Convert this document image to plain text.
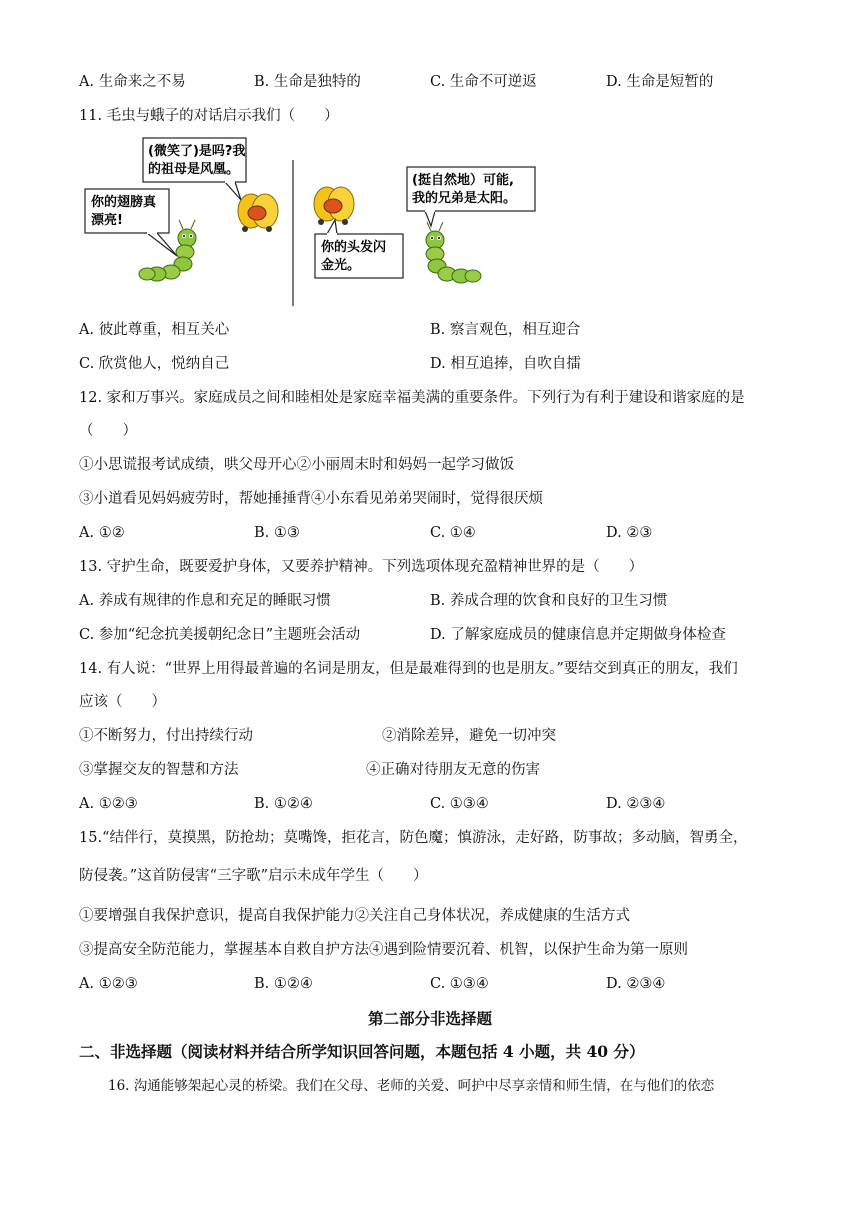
A. 生命来之不易	B. 生命是独特的	C. 生命不可逆返	D. 生命是短暂的
11. 毛虫与蛾子的对话启示我们（　　）
你的翅膀真
漂亮!
(微笑了)是吗?我
的祖母是风凰。
你的头发闪
金光。
(挺自然地）可能,
我的兄弟是太阳。
A. 彼此尊重，相互关心	B. 察言观色，相互迎合
C. 欣赏他人，悦纳自己	D. 相互追捧，自吹自擂
12. 家和万事兴。家庭成员之间和睦相处是家庭幸福美满的重要条件。下列行为有利于建设和谐家庭的是
（　　）
①小思谎报考试成绩，哄父母开心②小丽周末时和妈妈一起学习做饭
③小道看见妈妈疲劳时，帮她捶捶背④小东看见弟弟哭闹时，觉得很厌烦
A. ①②	B. ①③	C. ①④	D. ②③
13. 守护生命，既要爱护身体，又要养护精神。下列选项体现充盈精神世界的是（　　）
A. 养成有规律的作息和充足的睡眠习惯	B. 养成合理的饮食和良好的卫生习惯
C. 参加“纪念抗美援朝纪念日”主题班会活动	D. 了解家庭成员的健康信息并定期做身体检查
14. 有人说：“世界上用得最普遍的名词是朋友，但是最难得到的也是朋友。”要结交到真正的朋友，我们
应该（　　）
①不断努力，付出持续行动	②消除差异，避免一切冲突
③掌握交友的智慧和方法	④正确对待朋友无意的伤害
A. ①②③	B. ①②④	C. ①③④	D. ②③④
15.“结伴行，莫摸黑，防抢劫；莫嘴馋，拒花言，防色魔；慎游泳，走好路，防事故；多动脑，智勇全，
防侵袭。”这首防侵害“三字歌”启示未成年学生（　　）
①要增强自我保护意识，提高自我保护能力②关注自己身体状况，养成健康的生活方式
③提高安全防范能力，掌握基本自救自护方法④遇到险情要沉着、机智，以保护生命为第一原则
A. ①②③	B. ①②④	C. ①③④	D. ②③④
第二部分非选择题
二、非选择题（阅读材料并结合所学知识回答问题，本题包括 4 小题，共 40 分）
16. 沟通能够架起心灵的桥梁。我们在父母、老师的关爱、呵护中尽享亲情和师生情，在与他们的依恋
